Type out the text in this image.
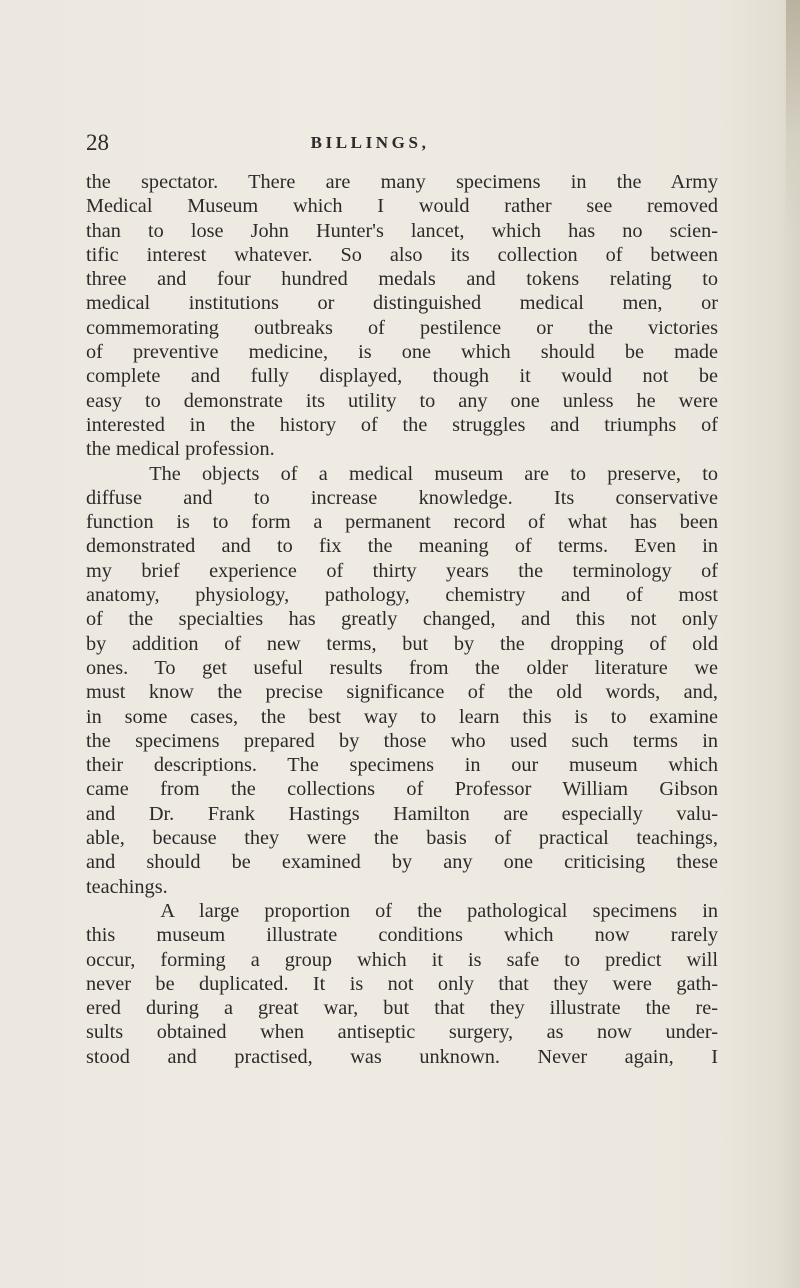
28	BILLINGS,
the spectator. There are many specimens in the Army
Medical Museum which I would rather see removed
than to lose John Hunter's lancet, which has no scien-
tific interest whatever. So also its collection of between
three and four hundred medals and tokens relating to
medical institutions or distinguished medical men, or
commemorating outbreaks of pestilence or the victories
of preventive medicine, is one which should be made
complete and fully displayed, though it would not be
easy to demonstrate its utility to any one unless he were
interested in the history of the struggles and triumphs of
the medical profession.
The objects of a medical museum are to preserve, to
diffuse and to increase knowledge. Its conservative
function is to form a permanent record of what has been
demonstrated and to fix the meaning of terms. Even in
my brief experience of thirty years the terminology of
anatomy, physiology, pathology, chemistry and of most
of the specialties has greatly changed, and this not only
by addition of new terms, but by the dropping of old
ones. To get useful results from the older literature we
must know the precise significance of the old words, and,
in some cases, the best way to learn this is to examine
the specimens prepared by those who used such terms in
their descriptions. The specimens in our museum which
came from the collections of Professor William Gibson
and Dr. Frank Hastings Hamilton are especially valu-
able, because they were the basis of practical teachings,
and should be examined by any one criticising these
teachings.
A large proportion of the pathological specimens in
this museum illustrate conditions which now rarely
occur, forming a group which it is safe to predict will
never be duplicated. It is not only that they were gath-
ered during a great war, but that they illustrate the re-
sults obtained when antiseptic surgery, as now under-
stood and practised, was unknown. Never again, I
